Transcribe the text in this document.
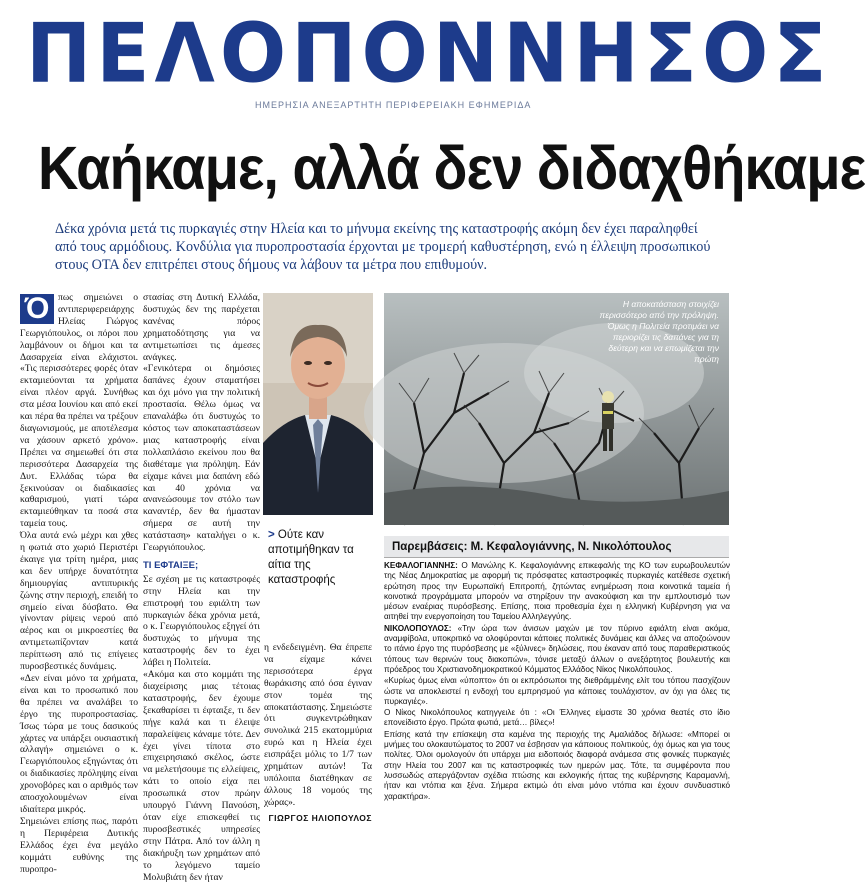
ΠΕΛΟΠΟΝΝΗΣΟΣ
ΗΜΕΡΗΣΙΑ ΑΝΕΞΑΡΤΗΤΗ ΠΕΡΙΦΕΡΕΙΑΚΗ ΕΦΗΜΕΡΙΔΑ
Καήκαμε, αλλά δεν διδαχθήκαμε

Δέκα χρόνια μετά τις πυρκαγιές στην Ηλεία και το μήνυμα εκείνης της καταστροφής ακόμη δεν έχει παραληφθεί από τους αρμόδιους. Κονδύλια για πυροπροστασία έρχονται με τρομερή καθυστέρηση, ενώ η έλλειψη προσωπικού στους ΟΤΑ δεν επιτρέπει στους δήμους να λάβουν τα μέτρα που επιθυμούν.

Ό πως σημειώνει ο αντιπεριφερειάρχης Ηλείας Γιώργος Γεωργιόπουλος, οι πόροι που λαμβάνουν οι δήμοι και τα Δασαρχεία είναι ελάχιστοι. «Τις περισσότερες φορές όταν εκταμιεύονται τα χρήματα είναι πλέον αργά. Συνήθως στα μέσα Ιουνίου και από εκεί και πέρα θα πρέπει να τρέξουν διαγωνισμούς, με αποτέλεσμα να χάσουν αρκετό χρόνο». Πρέπει να σημειωθεί ότι στα περισσότερα Δασαρχεία της Δυτ. Ελλάδας τώρα θα ξεκινούσαν οι διαδικασίες καθαρισμού, γιατί τώρα εκταμιεύθηκαν τα ποσά στα ταμεία τους.

Όλα αυτά ενώ μέχρι και χθες η φωτιά στο χωριό Περιστέρι έκαιγε για τρίτη ημέρα, μιας και δεν υπήρχε δυνατότητα δημιουργίας αντιπυρικής ζώνης στην περιοχή, επειδή το σημείο είναι δύσβατο. Θα γίνονταν ρίψεις νερού από αέρος και οι μικροεστίες θα αντιμετωπίζονταν κατά περίπτωση από τις επίγειες πυροσβεστικές δυνάμεις.

«Δεν είναι μόνο τα χρήματα, είναι και το προσωπικό που θα πρέπει να αναλάβει το έργο της πυροπροστασίας. Ίσως τώρα με τους δασικούς χάρτες να υπάρξει ουσιαστική αλλαγή» σημειώνει ο κ. Γεωργιόπουλος εξηγώντας ότι οι διαδικασίες πρόληψης είναι χρονοβόρες και ο αριθμός των αποσχολουμένων είναι ιδιαίτερα μικρός.

Σημειώνει επίσης πως, παρότι η Περιφέρεια Δυτικής Ελλάδος έχει ένα μεγάλο κομμάτι ευθύνης της πυροπρο-

στασίας στη Δυτική Ελλάδα, δυστυχώς δεν της παρέχεται κανένας πόρος χρηματοδότησης για να αντιμετωπίσει τις άμεσες ανάγκες.

«Γενικότερα οι δημόσιες δαπάνες έχουν σταματήσει και όχι μόνο για την πολιτική προστασία. Θέλω όμως να επαναλάβω ότι δυστυχώς το κόστος των αποκαταστάσεων μιας καταστροφής είναι πολλαπλάσιο εκείνου που θα διαθέταμε για πρόληψη. Εάν είχαμε κάνει μια δαπάνη εδώ και 40 χρόνια να ανανεώσουμε τον στόλο των καναντέρ, δεν θα ήμασταν σήμερα σε αυτή την κατάσταση» καταλήγει ο κ. Γεωργιόπουλος.

ΤΙ ΕΦΤΑΙΞΕ;

Σε σχέση με τις καταστροφές στην Ηλεία και την επιστροφή του εφιάλτη των πυρκαγιών δέκα χρόνια μετά, ο κ. Γεωργιόπουλος εξηγεί ότι δυστυχώς το μήνυμα της καταστροφής δεν το έχει λάβει η Πολιτεία.

«Ακόμα και στο κομμάτι της διαχείρισης μιας τέτοιας καταστροφής, δεν έχουμε ξεκαθαρίσει τι έφταιξε, τι δεν πήγε καλά και τι έλειψε παραλείψεις κάναμε τότε. Δεν έχει γίνει τίποτα στο επιχειρησιακό σκέλος, ώστε να μελετήσουμε τις ελλείψεις, κάτι το οποίο είχα πει προσωπικά στον πρώην υπουργό Γιάννη Πανούση, όταν είχε επισκεφθεί τις πυροσβεστικές υπηρεσίες στην Πάτρα. Από τον άλλη η διακήρυξη των χρημάτων από το λεγόμενο ταμείο Μολυβιάτη δεν ήταν

η ενδεδειγμένη. Θα έπρεπε να είχαμε κάνει περισσότερα έργα θωράκισης από όσα έγιναν στον τομέα της αποκατάστασης. Σημειώστε ότι συγκεντρώθηκαν συνολικά 215 εκατομμύρια ευρώ και η Ηλεία έχει εισπράξει μόλις το 1/7 των χρημάτων αυτών! Τα υπόλοιπα διατέθηκαν σε άλλους 18 νομούς της χώρας».

ΓΙΩΡΓΟΣ ΗΛΙΟΠΟΥΛΟΣ
> Ούτε καν αποτιμήθηκαν τα αίτια της καταστροφής
Η αποκατάσταση στοιχίζει περισσότερο από την πρόληψη. Όμως η Πολιτεία προτιμάει να περιορίζει τις δαπάνες για τη δεύτερη και να επωμίζεται την πρώτη
Παρεμβάσεις: Μ. Κεφαλογιάννης, Ν. Νικολόπουλος

ΚΕΦΑΛΟΓΙΑΝΝΗΣ: Ο Μανώλης Κ. Κεφαλογιάννης επικεφαλής της ΚΟ των ευρωβουλευτών της Νέας Δημοκρατίας με αφορμή τις πρόσφατες καταστροφικές πυρκαγιές κατέθεσε σχετική ερώτηση προς την Ευρωπαϊκή Επιτροπή, ζητώντας ενημέρωση ποια κοινοτικά ταμεία ή κοινοτικά προγράμματα μπορούν να στηρίξουν την ανακούφιση και την εμπλουτισμό των μέσων εναέριας πυρόσβεσης. Επίσης, ποια προθεσμία έχει η ελληνική Κυβέρνηση για να αιτηθεί την ενεργοποίηση του Ταμείου Αλληλεγγύης.

ΝΙΚΟΛΟΠΟΥΛΟΣ: «Την ώρα των άνισων μαχών με τον πύρινο εφιάλτη είναι ακόμα, αναμφίβολα, υποκριτικό να ολοφύρονται κάποιες πολιτικές δυνάμεις και άλλες να αποζοώνουν το ιτάνιο έργο της πυρόσβεσης με «ξύλινες» δηλώσεις, που έκαναν από τους παραθεριστικούς τόπους των θερινών τους διακοπών», τόνισε μεταξύ άλλων ο ανεξάρτητος βουλευτής και πρόεδρος του Χριστιανοδημοκρατικού Κόμματος Ελλάδος Νίκος Νικολόπουλος.

«Κυρίως όμως είναι «ύποπτο» ότι οι εκπρόσωποι της διεθράμμένης ελίτ του τόπου πασχίζουν ώστε να αποκλειστεί η ενδοχή του εμπρησμού για κάποιες τουλάχιστον, αν όχι για όλες τις πυρκαγιές».

Ο Νίκος Νικολόπουλος κατηγγειλε ότι : «Οι Έλληνες είμαστε 30 χρόνια θεατές στο ίδιο επονείδιστο έργο. Πρώτα φωτιά, μετά… βίλες»!

Επίσης κατά την επίσκεψη στα καμένα της περιοχής της Αμαλιάδος δήλωσε: «Μπορεί οι μνήμες του ολοκαυτώματος το 2007 να έσβησαν για κάποιους πολιτικούς, όχι όμως και για τους πολίτες. Όλοι ομολογούν ότι υπάρχει μια ειδοποιός διαφορά ανάμεσα στις φονικές πυρκαγιές στην Ηλεία του 2007 και τις καταστροφικές των ημερών μας. Τότε, τα συμφέροντα που λυσσωδώς απεργάζονταν σχέδια πτώσης και εκλογικής ήττας της κυβέρνησης Καραμανλή, ήταν και ντόπια και ξένα. Σήμερα εκτιμώ ότι είναι μόνο ντόπια και έχουν συνδυαστικό χαρακτήρα».
